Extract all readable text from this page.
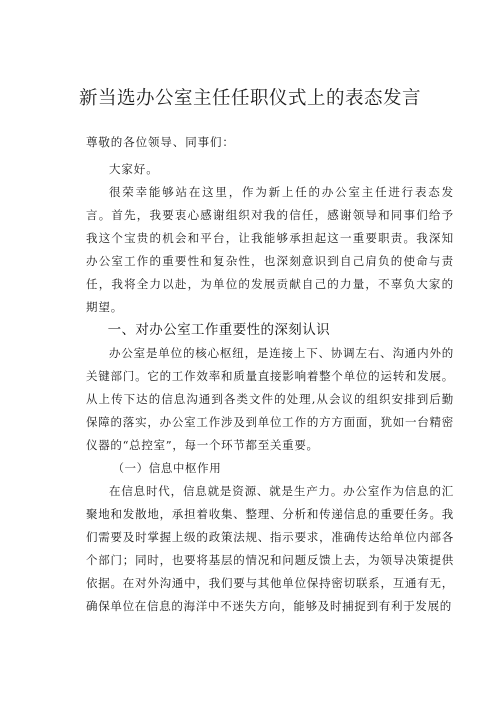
新当选办公室主任任职仪式上的表态发言

尊敬的各位领导、同事们：

大家好。

很荣幸能够站在这里，作为新上任的办公室主任进行表态发言。首先，我要衷心感谢组织对我的信任，感谢领导和同事们给予我这个宝贵的机会和平台，让我能够承担起这一重要职责。我深知办公室工作的重要性和复杂性，也深刻意识到自己肩负的使命与责任，我将全力以赴，为单位的发展贡献自己的力量，不辜负大家的期望。

一、对办公室工作重要性的深刻认识

办公室是单位的核心枢纽，是连接上下、协调左右、沟通内外的关键部门。它的工作效率和质量直接影响着整个单位的运转和发展。从上传下达的信息沟通到各类文件的处理,从会议的组织安排到后勤保障的落实，办公室工作涉及到单位工作的方方面面，犹如一台精密仪器的“总控室”，每一个环节都至关重要。

（一）信息中枢作用

在信息时代，信息就是资源、就是生产力。办公室作为信息的汇聚地和发散地，承担着收集、整理、分析和传递信息的重要任务。我们需要及时掌握上级的政策法规、指示要求，准确传达给单位内部各个部门；同时，也要将基层的情况和问题反馈上去，为领导决策提供依据。在对外沟通中，我们要与其他单位保持密切联系，互通有无，确保单位在信息的海洋中不迷失方向，能够及时捕捉到有利于发展的
